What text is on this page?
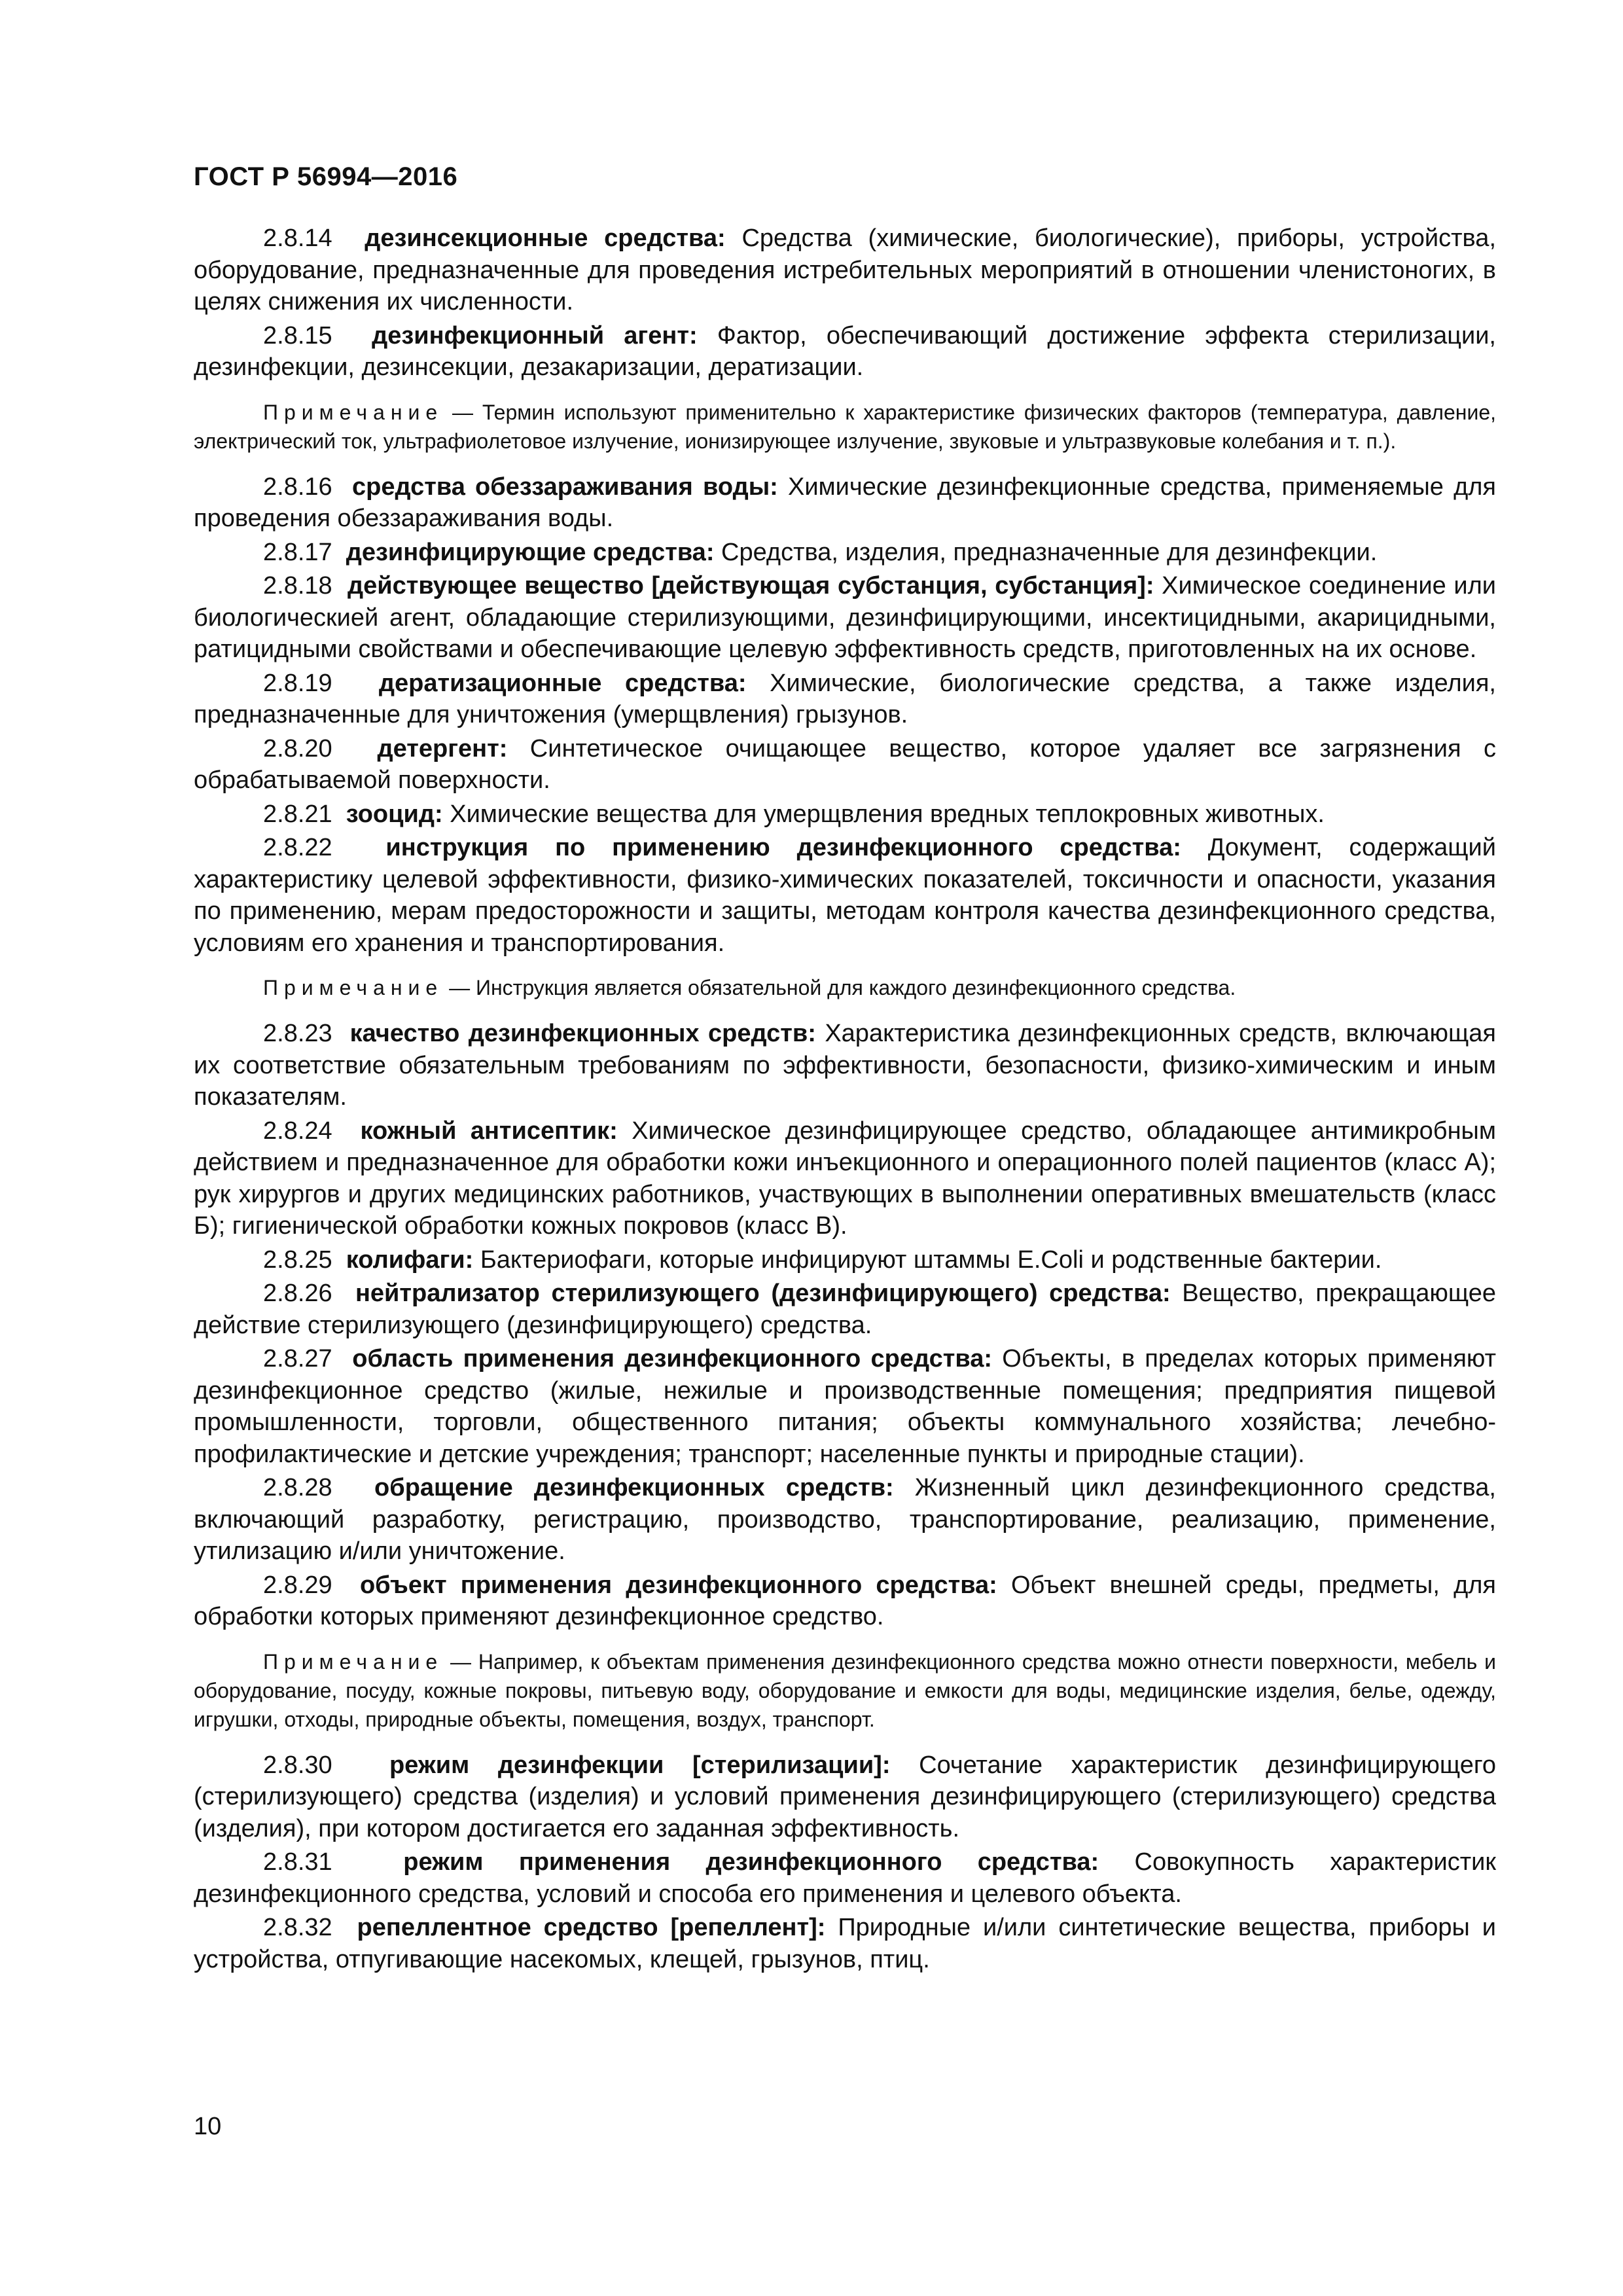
ГОСТ Р 56994—2016

2.8.14 дезинсекционные средства: Средства (химические, биологические), приборы, устройства, оборудование, предназначенные для проведения истребительных мероприятий в отношении членистоногих, в целях снижения их численности.

2.8.15 дезинфекционный агент: Фактор, обеспечивающий достижение эффекта стерилизации, дезинфекции, дезинсекции, дезакаризации, дератизации.

Примечание — Термин используют применительно к характеристике физических факторов (температура, давление, электрический ток, ультрафиолетовое излучение, ионизирующее излучение, звуковые и ультразвуковые колебания и т. п.).

2.8.16 средства обеззараживания воды: Химические дезинфекционные средства, применяемые для проведения обеззараживания воды.

2.8.17 дезинфицирующие средства: Средства, изделия, предназначенные для дезинфекции.

2.8.18 действующее вещество [действующая субстанция, субстанция]: Химическое соединение или биологическией агент, обладающие стерилизующими, дезинфицирующими, инсектицидными, акарицидными, ратицидными свойствами и обеспечивающие целевую эффективность средств, приготовленных на их основе.

2.8.19 дератизационные средства: Химические, биологические средства, а также изделия, предназначенные для уничтожения (умерщвления) грызунов.

2.8.20 детергент: Синтетическое очищающее вещество, которое удаляет все загрязнения с обрабатываемой поверхности.

2.8.21 зооцид: Химические вещества для умерщвления вредных теплокровных животных.

2.8.22 инструкция по применению дезинфекционного средства: Документ, содержащий характеристику целевой эффективности, физико-химических показателей, токсичности и опасности, указания по применению, мерам предосторожности и защиты, методам контроля качества дезинфекционного средства, условиям его хранения и транспортирования.

Примечание — Инструкция является обязательной для каждого дезинфекционного средства.

2.8.23 качество дезинфекционных средств: Характеристика дезинфекционных средств, включающая их соответствие обязательным требованиям по эффективности, безопасности, физико-химическим и иным показателям.

2.8.24 кожный антисептик: Химическое дезинфицирующее средство, обладающее антимикробным действием и предназначенное для обработки кожи инъекционного и операционного полей пациентов (класс А); рук хирургов и других медицинских работников, участвующих в выполнении оперативных вмешательств (класс Б); гигиенической обработки кожных покровов (класс В).

2.8.25 колифаги: Бактериофаги, которые инфицируют штаммы E.Coli и родственные бактерии.

2.8.26 нейтрализатор стерилизующего (дезинфицирующего) средства: Вещество, прекращающее действие стерилизующего (дезинфицирующего) средства.

2.8.27 область применения дезинфекционного средства: Объекты, в пределах которых применяют дезинфекционное средство (жилые, нежилые и производственные помещения; предприятия пищевой промышленности, торговли, общественного питания; объекты коммунального хозяйства; лечебно-профилактические и детские учреждения; транспорт; населенные пункты и природные стации).

2.8.28 обращение дезинфекционных средств: Жизненный цикл дезинфекционного средства, включающий разработку, регистрацию, производство, транспортирование, реализацию, применение, утилизацию и/или уничтожение.

2.8.29 объект применения дезинфекционного средства: Объект внешней среды, предметы, для обработки которых применяют дезинфекционное средство.

Примечание — Например, к объектам применения дезинфекционного средства можно отнести поверхности, мебель и оборудование, посуду, кожные покровы, питьевую воду, оборудование и емкости для воды, медицинские изделия, белье, одежду, игрушки, отходы, природные объекты, помещения, воздух, транспорт.

2.8.30 режим дезинфекции [стерилизации]: Сочетание характеристик дезинфицирующего (стерилизующего) средства (изделия) и условий применения дезинфицирующего (стерилизующего) средства (изделия), при котором достигается его заданная эффективность.

2.8.31	режим применения дезинфекционного средства: Совокупность характеристик дезинфекционного средства, условий и способа его применения и целевого объекта.

2.8.32 репеллентное средство [репеллент]: Природные и/или синтетические вещества, приборы и устройства, отпугивающие насекомых, клещей, грызунов, птиц.

10
